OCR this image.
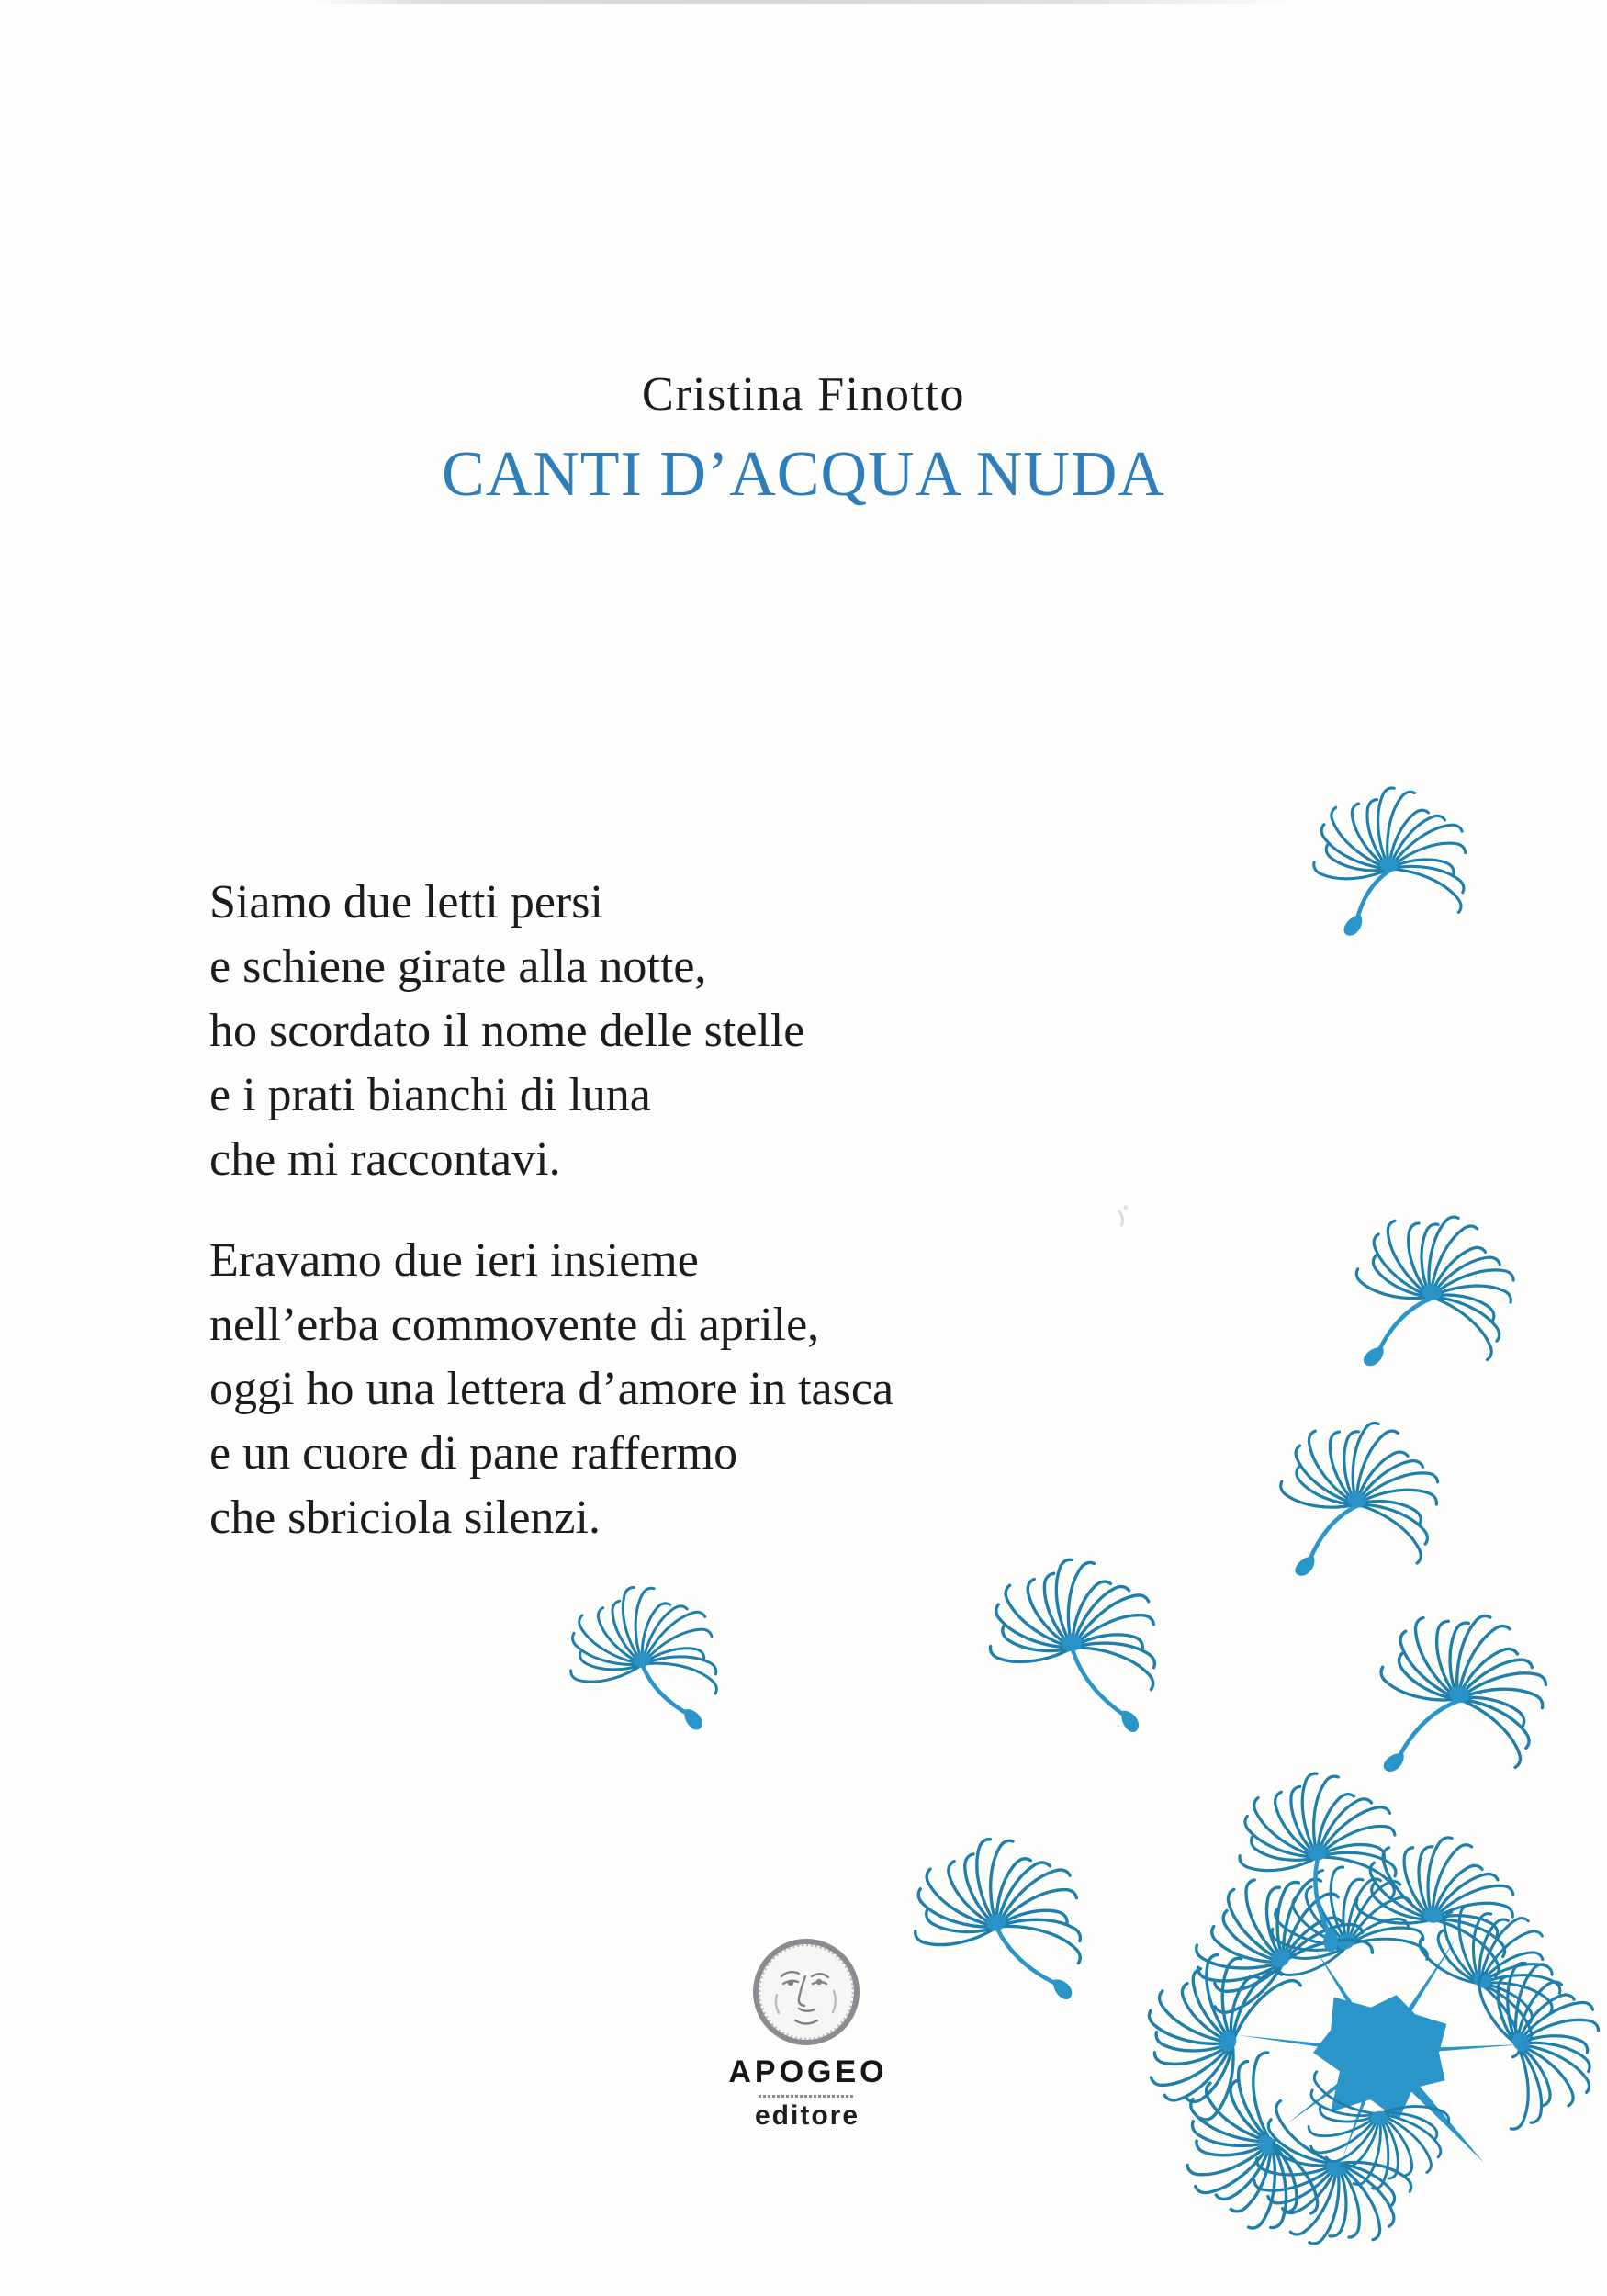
Cristina Finotto
CANTI D’ACQUA NUDA
Siamo due letti persi
e schiene girate alla notte,
ho scordato il nome delle stelle
e i prati bianchi di luna
che mi raccontavi.
Eravamo due ieri insieme
nell’erba commovente di aprile,
oggi ho una lettera d’amore in tasca
e un cuore di pane raffermo
che sbriciola silenzi.
APOGEO
editore
